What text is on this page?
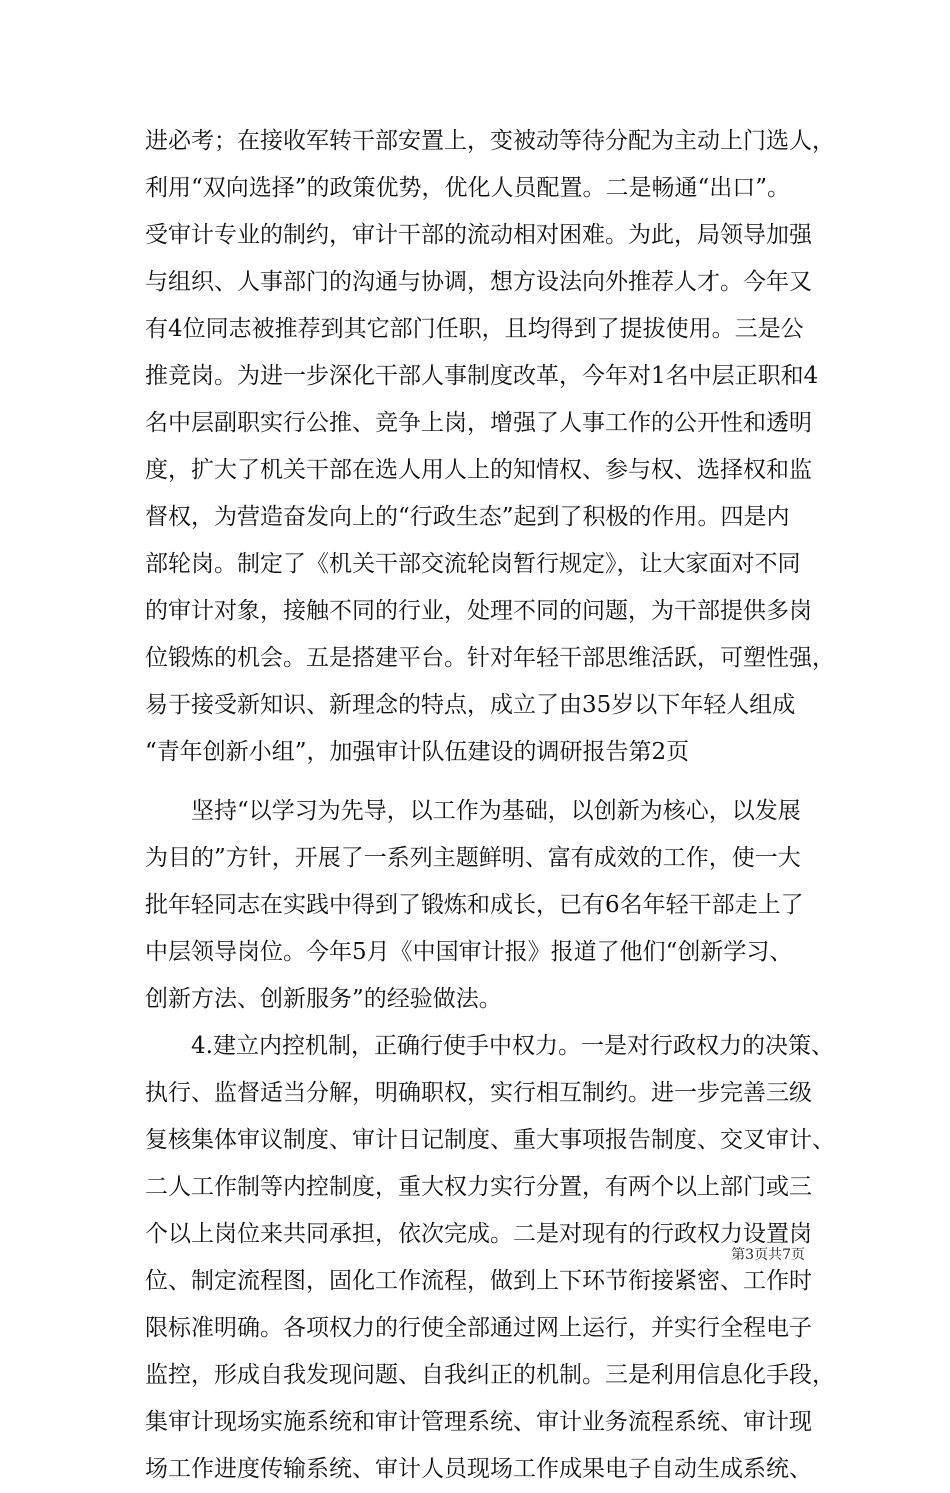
进必考；在接收军转干部安置上，变被动等待分配为主动上门选人，
利用“双向选择”的政策优势，优化人员配置。二是畅通“出口”。
受审计专业的制约，审计干部的流动相对困难。为此，局领导加强
与组织、人事部门的沟通与协调，想方设法向外推荐人才。今年又
有4位同志被推荐到其它部门任职，且均得到了提拔使用。三是公
推竞岗。为进一步深化干部人事制度改革，今年对1名中层正职和4
名中层副职实行公推、竞争上岗，增强了人事工作的公开性和透明
度，扩大了机关干部在选人用人上的知情权、参与权、选择权和监
督权，为营造奋发向上的“行政生态”起到了积极的作用。四是内
部轮岗。制定了《机关干部交流轮岗暂行规定》，让大家面对不同
的审计对象，接触不同的行业，处理不同的问题，为干部提供多岗
位锻炼的机会。五是搭建平台。针对年轻干部思维活跃，可塑性强，
易于接受新知识、新理念的特点，成立了由35岁以下年轻人组成
“青年创新小组”，加强审计队伍建设的调研报告第2页
坚持“以学习为先导，以工作为基础，以创新为核心，以发展
为目的”方针，开展了一系列主题鲜明、富有成效的工作，使一大
批年轻同志在实践中得到了锻炼和成长，已有6名年轻干部走上了
中层领导岗位。今年5月《中国审计报》报道了他们“创新学习、
创新方法、创新服务”的经验做法。
4.建立内控机制，正确行使手中权力。一是对行政权力的决策、
执行、监督适当分解，明确职权，实行相互制约。进一步完善三级
复核集体审议制度、审计日记制度、重大事项报告制度、交叉审计、
二人工作制等内控制度，重大权力实行分置，有两个以上部门或三
个以上岗位来共同承担，依次完成。二是对现有的行政权力设置岗
位、制定流程图，固化工作流程，做到上下环节衔接紧密、工作时
限标准明确。各项权力的行使全部通过网上运行，并实行全程电子
监控，形成自我发现问题、自我纠正的机制。三是利用信息化手段，
集审计现场实施系统和审计管理系统、审计业务流程系统、审计现
场工作进度传输系统、审计人员现场工作成果电子自动生成系统、
第3页共7页
